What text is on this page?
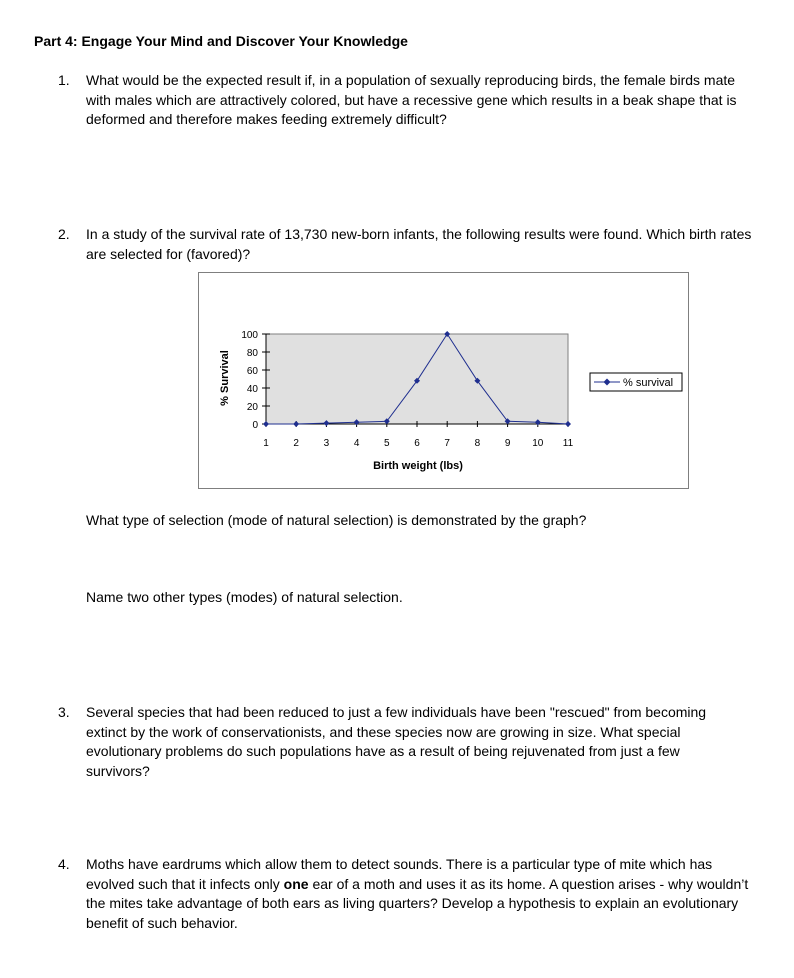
Part 4: Engage Your Mind and Discover Your Knowledge
1. What would be the expected result if, in a population of sexually reproducing birds, the female birds mate with males which are attractively colored, but have a recessive gene which results in a beak shape that is deformed and therefore makes feeding extremely difficult?
2. In a study of the survival rate of 13,730 new-born infants, the following results were found. Which birth rates are selected for (favored)?
0
20
40
60
80
100
1 2 3 4 5 6 7 8 9 10 11
Birth weight (lbs)
% Survival	% survival
What type of selection (mode of natural selection) is demonstrated by the graph?
Name two other types (modes) of natural selection.
3. Several species that had been reduced to just a few individuals have been "rescued" from becoming extinct by the work of conservationists, and these species now are growing in size. What special evolutionary problems do such populations have as a result of being rejuvenated from just a few survivors?
4. Moths have eardrums which allow them to detect sounds. There is a particular type of mite which has evolved such that it infects only one ear of a moth and uses it as its home. A question arises - why wouldn’t the mites take advantage of both ears as living quarters? Develop a hypothesis to explain an evolutionary benefit of such behavior.
